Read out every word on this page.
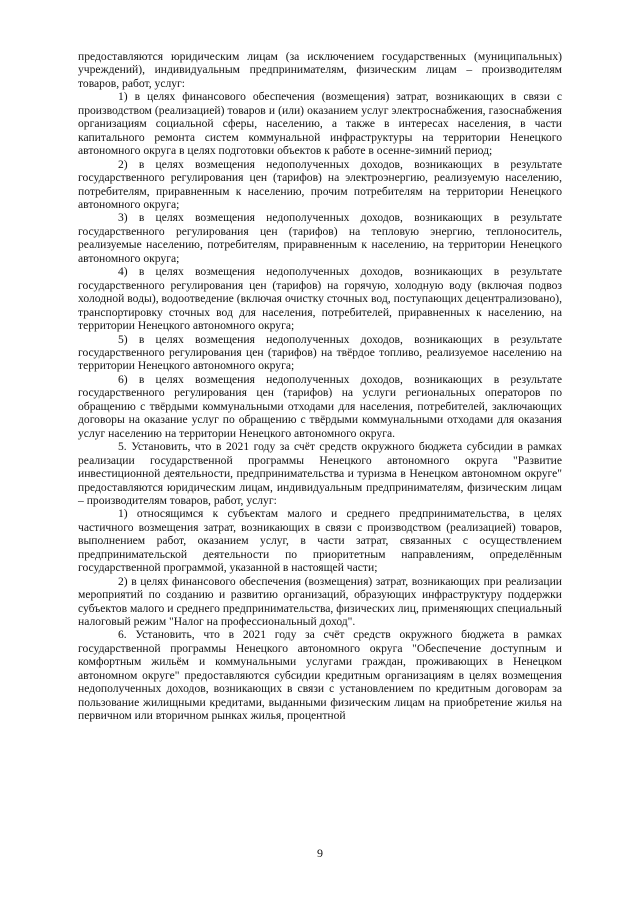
предоставляются юридическим лицам (за исключением государственных (муниципальных) учреждений), индивидуальным предпринимателям, физическим лицам – производителям товаров, работ, услуг:

1) в целях финансового обеспечения (возмещения) затрат, возникающих в связи с производством (реализацией) товаров и (или) оказанием услуг электроснабжения, газоснабжения организациям социальной сферы, населению, а также в интересах населения, в части капитального ремонта систем коммунальной инфраструктуры на территории Ненецкого автономного округа в целях подготовки объектов к работе в осенне-зимний период;

2) в целях возмещения недополученных доходов, возникающих в результате государственного регулирования цен (тарифов) на электроэнергию, реализуемую населению, потребителям, приравненным к населению, прочим потребителям на территории Ненецкого автономного округа;

3) в целях возмещения недополученных доходов, возникающих в результате государственного регулирования цен (тарифов) на тепловую энергию, теплоноситель, реализуемые населению, потребителям, приравненным к населению, на территории Ненецкого автономного округа;

4) в целях возмещения недополученных доходов, возникающих в результате государственного регулирования цен (тарифов) на горячую, холодную воду (включая подвоз холодной воды), водоотведение (включая очистку сточных вод, поступающих децентрализовано), транспортировку сточных вод для населения, потребителей, приравненных к населению, на территории Ненецкого автономного округа;

5) в целях возмещения недополученных доходов, возникающих в результате государственного регулирования цен (тарифов) на твёрдое топливо, реализуемое населению на территории Ненецкого автономного округа;

6) в целях возмещения недополученных доходов, возникающих в результате государственного регулирования цен (тарифов) на услуги региональных операторов по обращению с твёрдыми коммунальными отходами для населения, потребителей, заключающих договоры на оказание услуг по обращению с твёрдыми коммунальными отходами для оказания услуг населению на территории Ненецкого автономного округа.

5. Установить, что в 2021 году за счёт средств окружного бюджета субсидии в рамках реализации государственной программы Ненецкого автономного округа "Развитие инвестиционной деятельности, предпринимательства и туризма в Ненецком автономном округе" предоставляются юридическим лицам, индивидуальным предпринимателям, физическим лицам – производителям товаров, работ, услуг:

1) относящимся к субъектам малого и среднего предпринимательства, в целях частичного возмещения затрат, возникающих в связи с производством (реализацией) товаров, выполнением работ, оказанием услуг, в части затрат, связанных с осуществлением предпринимательской деятельности по приоритетным направлениям, определённым государственной программой, указанной в настоящей части;

2) в целях финансового обеспечения (возмещения) затрат, возникающих при реализации мероприятий по созданию и развитию организаций, образующих инфраструктуру поддержки субъектов малого и среднего предпринимательства, физических лиц, применяющих специальный налоговый режим "Налог на профессиональный доход".

6. Установить, что в 2021 году за счёт средств окружного бюджета в рамках государственной программы Ненецкого автономного округа "Обеспечение доступным и комфортным жильём и коммунальными услугами граждан, проживающих в Ненецком автономном округе" предоставляются субсидии кредитным организациям в целях возмещения недополученных доходов, возникающих в связи с установлением по кредитным договорам за пользование жилищными кредитами, выданными физическим лицам на приобретение жилья на первичном или вторичном рынках жилья, процентной

9
